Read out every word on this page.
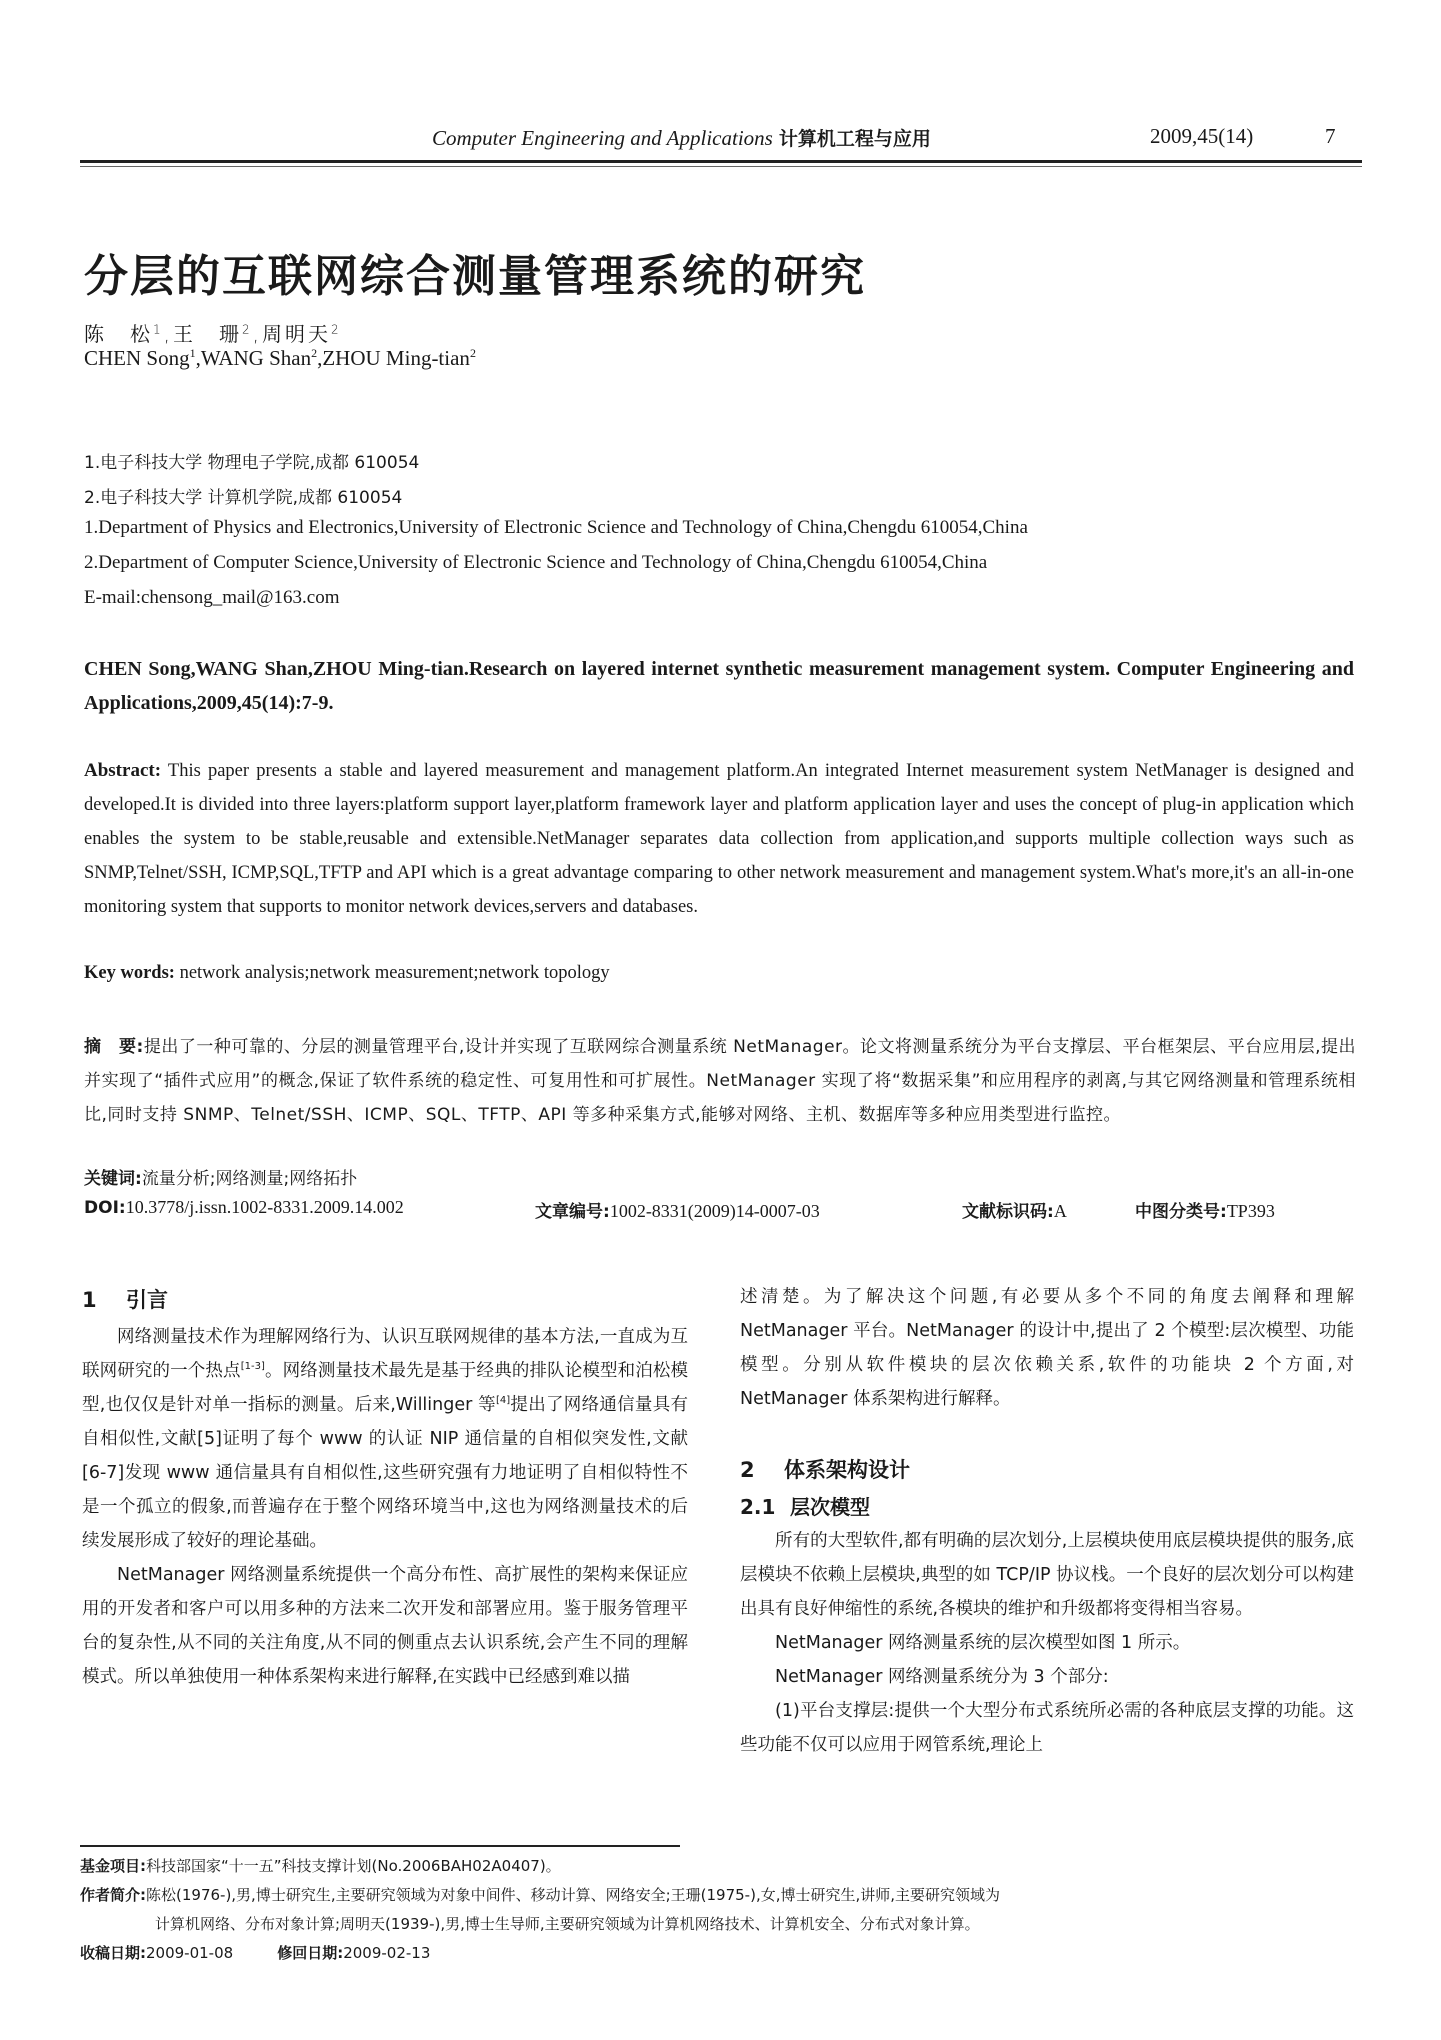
Computer Engineering and Applications 计算机工程与应用	2009,45(14)	7
分层的互联网综合测量管理系统的研究
陈　松$^1$,王　珊$^2$,周明天$^2$
CHEN Song$^1$,WANG Shan$^2$,ZHOU Ming-tian$^2$
1.电子科技大学 物理电子学院,成都 610054
2.电子科技大学 计算机学院,成都 610054
1.Department of Physics and Electronics,University of Electronic Science and Technology of China,Chengdu 610054,China
2.Department of Computer Science,University of Electronic Science and Technology of China,Chengdu 610054,China
E-mail:chensong_mail@163.com
CHEN Song,WANG Shan,ZHOU Ming-tian.Research on layered internet synthetic measurement management system. Computer Engineering and Applications,2009,45(14):7-9.
Abstract: This paper presents a stable and layered measurement and management platform.An integrated Internet measurement system NetManager is designed and developed.It is divided into three layers:platform support layer,platform framework layer and platform application layer and uses the concept of plug-in application which enables the system to be stable,reusable and extensible.NetManager separates data collection from application,and supports multiple collection ways such as SNMP,Telnet/SSH, ICMP,SQL,TFTP and API which is a great advantage comparing to other network measurement and management system.What's more,it's an all-in-one monitoring system that supports to monitor network devices,servers and databases.
Key words: network analysis;network measurement;network topology
摘　要:提出了一种可靠的、分层的测量管理平台,设计并实现了互联网综合测量系统 NetManager。论文将测量系统分为平台支撑层、平台框架层、平台应用层,提出并实现了“插件式应用”的概念,保证了软件系统的稳定性、可复用性和可扩展性。NetManager 实现了将“数据采集”和应用程序的剥离,与其它网络测量和管理系统相比,同时支持 SNMP、Telnet/SSH、ICMP、SQL、TFTP、API 等多种采集方式,能够对网络、主机、数据库等多种应用类型进行监控。
关键词:流量分析;网络测量;网络拓扑
DOI:10.3778/j.issn.1002-8331.2009.14.002	文章编号:1002-8331(2009)14-0007-03	文献标识码:A	中图分类号:TP393
1 引言

网络测量技术作为理解网络行为、认识互联网规律的基本方法,一直成为互联网研究的一个热点[1-3]。网络测量技术最先是基于经典的排队论模型和泊松模型,也仅仅是针对单一指标的测量。后来,Willinger 等[4]提出了网络通信量具有自相似性,文献[5]证明了每个 www 的认证 NIP 通信量的自相似突发性,文献[6-7]发现 www 通信量具有自相似性,这些研究强有力地证明了自相似特性不是一个孤立的假象,而普遍存在于整个网络环境当中,这也为网络测量技术的后续发展形成了较好的理论基础。

NetManager 网络测量系统提供一个高分布性、高扩展性的架构来保证应用的开发者和客户可以用多种的方法来二次开发和部署应用。鉴于服务管理平台的复杂性,从不同的关注角度,从不同的侧重点去认识系统,会产生不同的理解模式。所以单独使用一种体系架构来进行解释,在实践中已经感到难以描

述清楚。为了解决这个问题,有必要从多个不同的角度去阐释和理解 NetManager 平台。NetManager 的设计中,提出了 2 个模型:层次模型、功能模型。分别从软件模块的层次依赖关系,软件的功能块 2 个方面,对 NetManager 体系架构进行解释。

2 体系架构设计
2.1 层次模型

所有的大型软件,都有明确的层次划分,上层模块使用底层模块提供的服务,底层模块不依赖上层模块,典型的如 TCP/IP 协议栈。一个良好的层次划分可以构建出具有良好伸缩性的系统,各模块的维护和升级都将变得相当容易。

NetManager 网络测量系统的层次模型如图 1 所示。

NetManager 网络测量系统分为 3 个部分:

(1)平台支撑层:提供一个大型分布式系统所必需的各种底层支撑的功能。这些功能不仅可以应用于网管系统,理论上

基金项目:科技部国家“十一五”科技支撑计划(No.2006BAH02A0407)。
作者简介:陈松(1976-),男,博士研究生,主要研究领域为对象中间件、移动计算、网络安全;王珊(1975-),女,博士研究生,讲师,主要研究领域为
计算机网络、分布对象计算;周明天(1939-),男,博士生导师,主要研究领域为计算机网络技术、计算机安全、分布式对象计算。
收稿日期:2009-01-08	修回日期:2009-02-13
